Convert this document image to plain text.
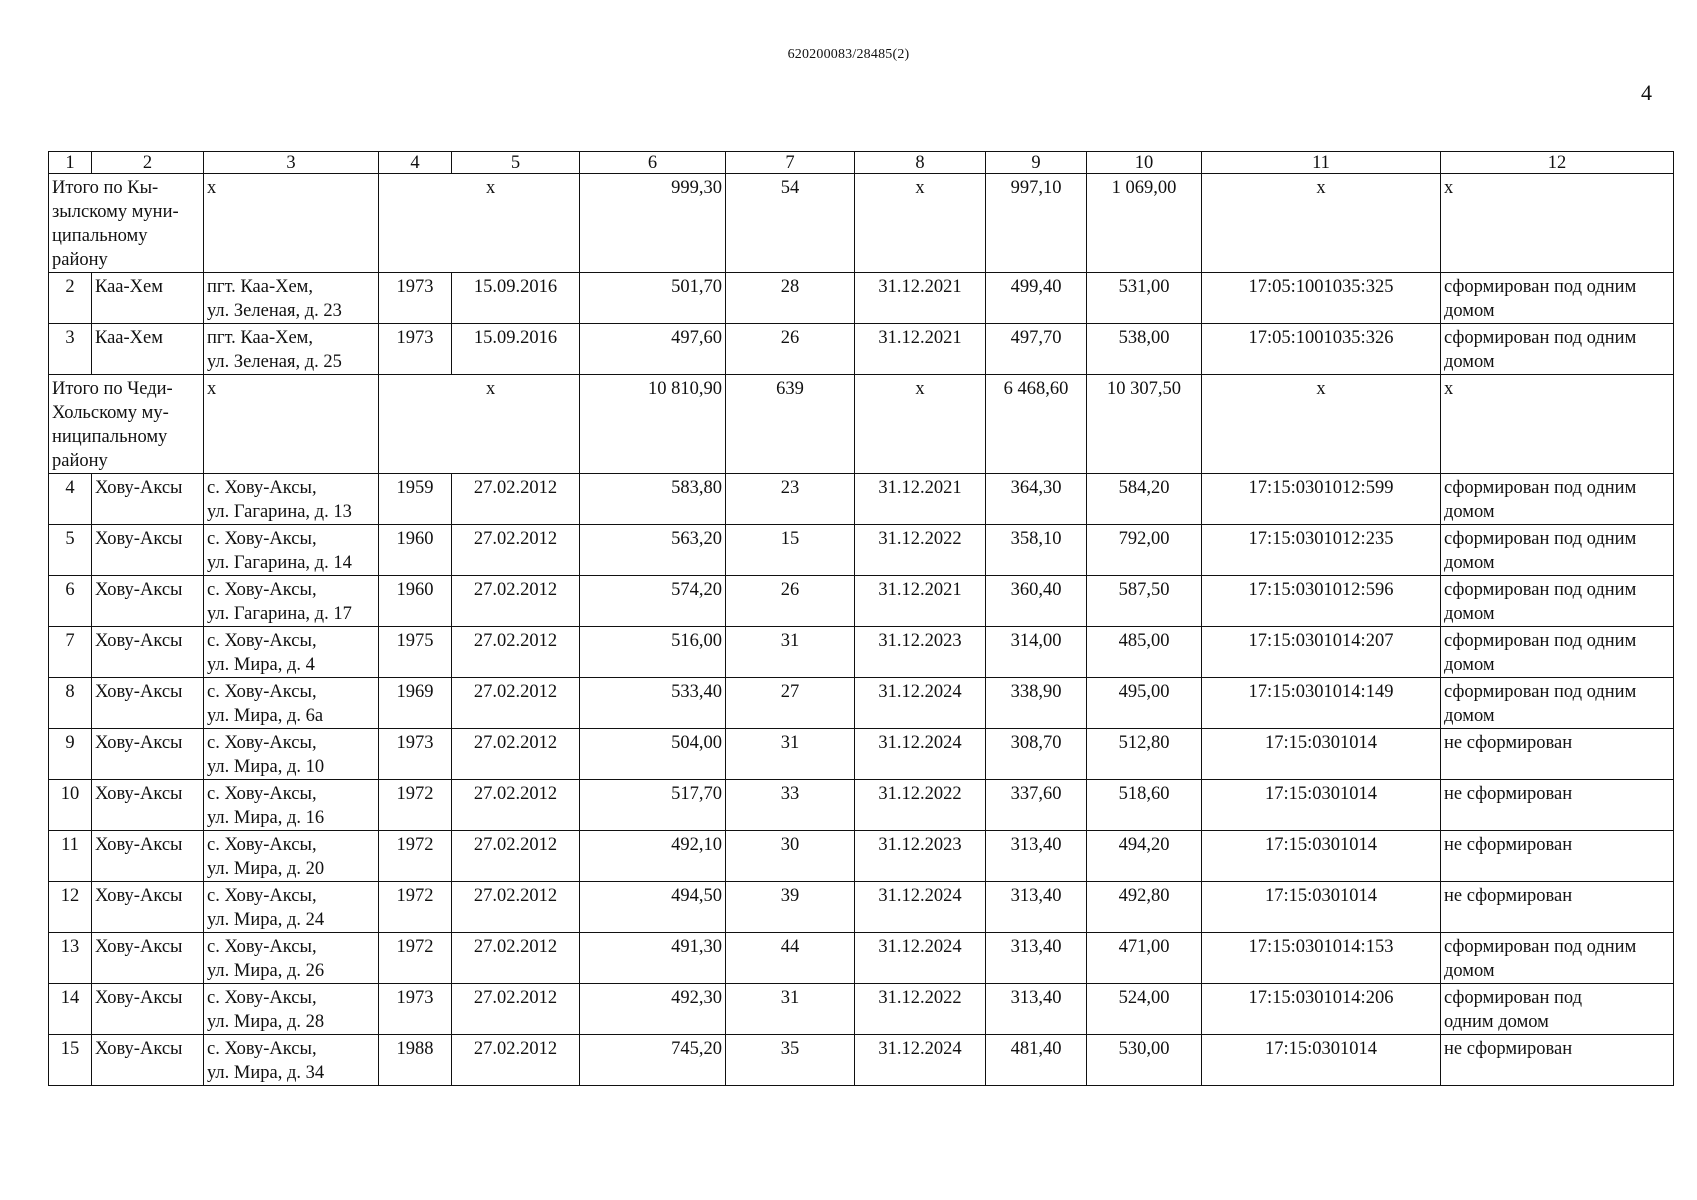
620200083/28485(2)
4
1	2	3	4	5	6	7	8	9	10	11	12

Итого по Кы-
зылскому муни-
ципальному
району		x	x		999,30	54	x	997,10	1 069,00	x	x
2	Каа-Хем	пгт. Каа-Хем,
ул. Зеленая, д. 23	1973	15.09.2016	501,70	28	31.12.2021	499,40	531,00	17:05:1001035:325	сформирован под одним
домом

3	Каа-Хем	пгт. Каа-Хем,
ул. Зеленая, д. 25	1973	15.09.2016	497,60	26	31.12.2021	497,70	538,00	17:05:1001035:326	сформирован под одним
домом

Итого по Чеди-
Хольскому му-
ниципальному
району		x	x		10 810,90	639	x	6 468,60	10 307,50	x	x
4	Хову-Аксы	с. Хову-Аксы,
ул. Гагарина, д. 13	1959	27.02.2012	583,80	23	31.12.2021	364,30	584,20	17:15:0301012:599	сформирован под одним
домом

5	Хову-Аксы	с. Хову-Аксы,
ул. Гагарина, д. 14	1960	27.02.2012	563,20	15	31.12.2022	358,10	792,00	17:15:0301012:235	сформирован под одним
домом

6	Хову-Аксы	с. Хову-Аксы,
ул. Гагарина, д. 17	1960	27.02.2012	574,20	26	31.12.2021	360,40	587,50	17:15:0301012:596	сформирован под одним
домом

7	Хову-Аксы	с. Хову-Аксы,
ул. Мира, д. 4	1975	27.02.2012	516,00	31	31.12.2023	314,00	485,00	17:15:0301014:207	сформирован под одним
домом

8	Хову-Аксы	с. Хову-Аксы,
ул. Мира, д. 6а	1969	27.02.2012	533,40	27	31.12.2024	338,90	495,00	17:15:0301014:149	сформирован под одним
домом

9	Хову-Аксы	с. Хову-Аксы,
ул. Мира, д. 10	1973	27.02.2012	504,00	31	31.12.2024	308,70	512,80	17:15:0301014	не сформирован

10	Хову-Аксы	с. Хову-Аксы,
ул. Мира, д. 16	1972	27.02.2012	517,70	33	31.12.2022	337,60	518,60	17:15:0301014	не сформирован

11	Хову-Аксы	с. Хову-Аксы,
ул. Мира, д. 20	1972	27.02.2012	492,10	30	31.12.2023	313,40	494,20	17:15:0301014	не сформирован

12	Хову-Аксы	с. Хову-Аксы,
ул. Мира, д. 24	1972	27.02.2012	494,50	39	31.12.2024	313,40	492,80	17:15:0301014	не сформирован

13	Хову-Аксы	с. Хову-Аксы,
ул. Мира, д. 26	1972	27.02.2012	491,30	44	31.12.2024	313,40	471,00	17:15:0301014:153	сформирован под одним
домом

14	Хову-Аксы	с. Хову-Аксы,
ул. Мира, д. 28	1973	27.02.2012	492,30	31	31.12.2022	313,40	524,00	17:15:0301014:206	сформирован под
одним домом

15	Хову-Аксы	с. Хову-Аксы,
ул. Мира, д. 34	1988	27.02.2012	745,20	35	31.12.2024	481,40	530,00	17:15:0301014	не сформирован
